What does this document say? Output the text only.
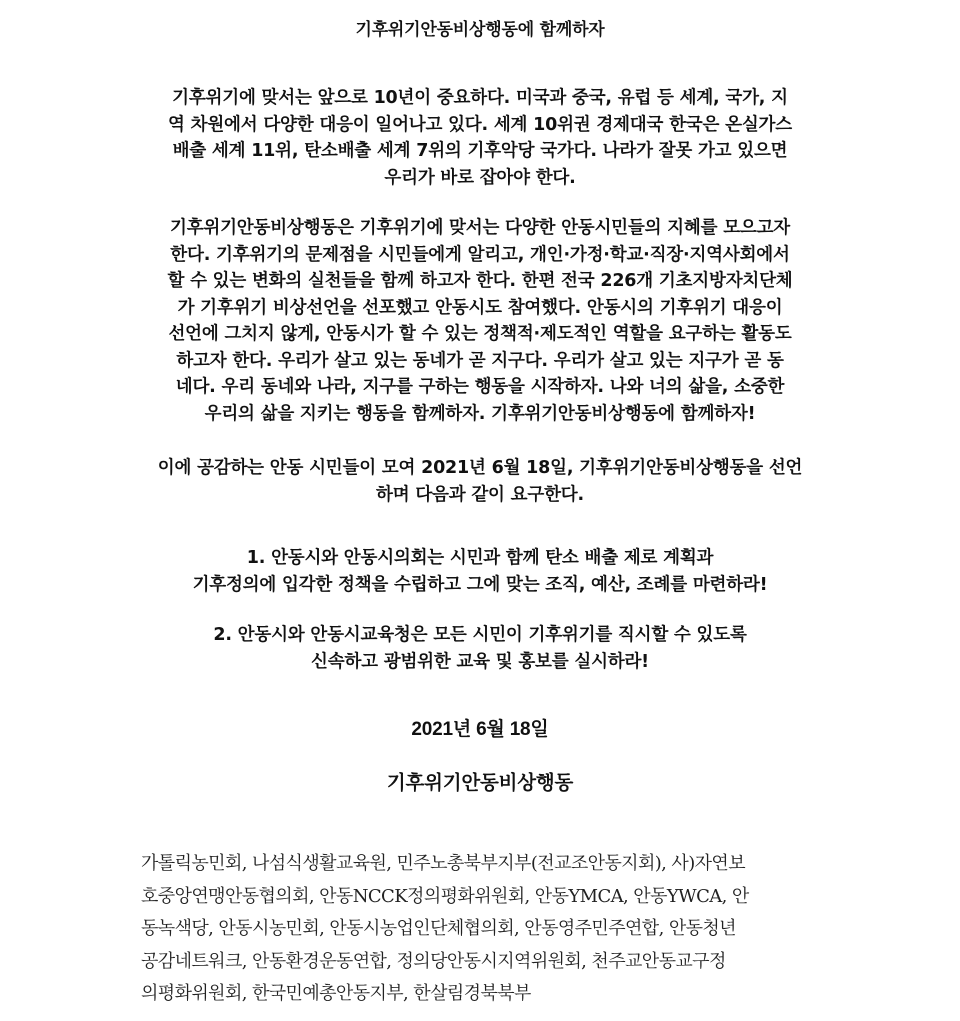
기후위기안동비상행동에 함께하자
기후위기에 맞서는 앞으로 10년이 중요하다. 미국과 중국, 유럽 등 세계, 국가, 지
역 차원에서 다양한 대응이 일어나고 있다. 세계 10위권 경제대국 한국은 온실가스
배출 세계 11위, 탄소배출 세계 7위의 기후악당 국가다. 나라가 잘못 가고 있으면
우리가 바로 잡아야 한다.
기후위기안동비상행동은 기후위기에 맞서는 다양한 안동시민들의 지혜를 모으고자
한다. 기후위기의 문제점을 시민들에게 알리고, 개인·가정·학교·직장·지역사회에서
할 수 있는 변화의 실천들을 함께 하고자 한다. 한편 전국 226개 기초지방자치단체
가 기후위기 비상선언을 선포했고 안동시도 참여했다. 안동시의 기후위기 대응이
선언에 그치지 않게, 안동시가 할 수 있는 정책적·제도적인 역할을 요구하는 활동도
하고자 한다. 우리가 살고 있는 동네가 곧 지구다. 우리가 살고 있는 지구가 곧 동
네다. 우리 동네와 나라, 지구를 구하는 행동을 시작하자. 나와 너의 삶을, 소중한
우리의 삶을 지키는 행동을 함께하자. 기후위기안동비상행동에 함께하자!
이에 공감하는 안동 시민들이 모여 2021년 6월 18일, 기후위기안동비상행동을 선언
하며 다음과 같이 요구한다.
1. 안동시와 안동시의회는 시민과 함께 탄소 배출 제로 계획과
기후정의에 입각한 정책을 수립하고 그에 맞는 조직, 예산, 조례를 마련하라!
2. 안동시와 안동시교육청은 모든 시민이 기후위기를 직시할 수 있도록
신속하고 광범위한 교육 및 홍보를 실시하라!
2021년 6월 18일
기후위기안동비상행동
가톨릭농민회, 나섬식생활교육원, 민주노총북부지부(전교조안동지회), 사)자연보
호중앙연맹안동협의회, 안동NCCK정의평화위원회, 안동YMCA, 안동YWCA, 안
동녹색당, 안동시농민회, 안동시농업인단체협의회, 안동영주민주연합, 안동청년
공감네트워크, 안동환경운동연합, 정의당안동시지역위원회, 천주교안동교구정
의평화위원회, 한국민예총안동지부, 한살림경북북부
